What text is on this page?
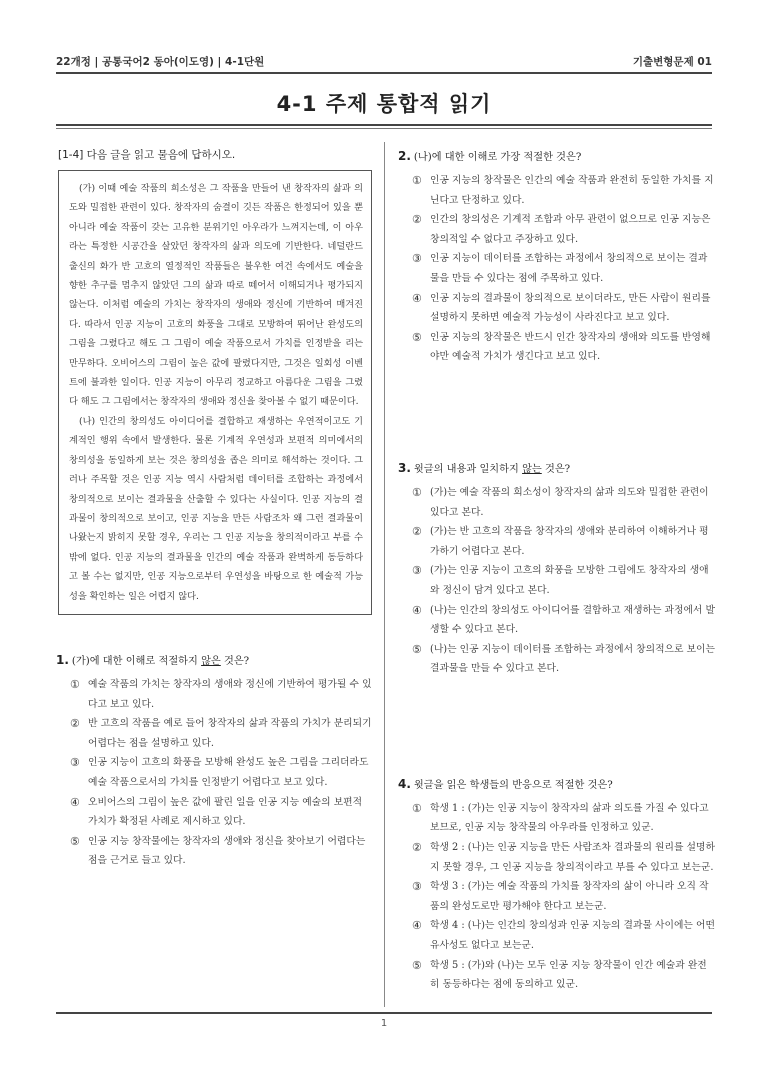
22개정 | 공통국어2 동아(이도영) | 4-1단원	기출변형문제 01
4-1 주제 통합적 읽기
[1-4] 다음 글을 읽고 물음에 답하시오.

(가) 이때 예술 작품의 희소성은 그 작품을 만들어 낸 창작자의 삶과 의도와 밀접한 관련이 있다. 창작자의 숨결이 깃든 작품은 한정되어 있을 뿐 아니라 예술 작품이 갖는 고유한 분위기인 아우라가 느껴지는데, 이 아우라는 특정한 시공간을 살았던 창작자의 삶과 의도에 기반한다. 네덜란드 출신의 화가 반 고흐의 열정적인 작품들은 불우한 여건 속에서도 예술을 향한 추구를 멈추지 않았던 그의 삶과 따로 떼어서 이해되거나 평가되지 않는다. 이처럼 예술의 가치는 창작자의 생애와 정신에 기반하여 매겨진다. 따라서 인공 지능이 고흐의 화풍을 그대로 모방하여 뛰어난 완성도의 그림을 그렸다고 해도 그 그림이 예술 작품으로서 가치를 인정받을 리는 만무하다. 오비어스의 그림이 높은 값에 팔렸다지만, 그것은 일회성 이벤트에 불과한 일이다. 인공 지능이 아무리 정교하고 아름다운 그림을 그렸다 해도 그 그림에서는 창작자의 생애와 정신을 찾아볼 수 없기 때문이다.

(나) 인간의 창의성도 아이디어를 결합하고 재생하는 우연적이고도 기계적인 행위 속에서 발생한다. 물론 기계적 우연성과 보편적 의미에서의 창의성을 동일하게 보는 것은 창의성을 좁은 의미로 해석하는 것이다. 그러나 주목할 것은 인공 지능 역시 사람처럼 데이터를 조합하는 과정에서 창의적으로 보이는 결과물을 산출할 수 있다는 사실이다. 인공 지능의 결과물이 창의적으로 보이고, 인공 지능을 만든 사람조차 왜 그런 결과물이 나왔는지 밝히지 못할 경우, 우리는 그 인공 지능을 창의적이라고 부를 수밖에 없다. 인공 지능의 결과물을 인간의 예술 작품과 완벽하게 동등하다고 볼 수는 없지만, 인공 지능으로부터 우연성을 바탕으로 한 예술적 가능성을 확인하는 일은 어렵지 않다.

1. (가)에 대한 이해로 적절하지 않은 것은?
① 예술 작품의 가치는 창작자의 생애와 정신에 기반하여 평가될 수 있다고 보고 있다.
② 반 고흐의 작품을 예로 들어 창작자의 삶과 작품의 가치가 분리되기 어렵다는 점을 설명하고 있다.
③ 인공 지능이 고흐의 화풍을 모방해 완성도 높은 그림을 그리더라도 예술 작품으로서의 가치를 인정받기 어렵다고 보고 있다.
④ 오비어스의 그림이 높은 값에 팔린 일을 인공 지능 예술의 보편적 가치가 확정된 사례로 제시하고 있다.
⑤ 인공 지능 창작물에는 창작자의 생애와 정신을 찾아보기 어렵다는 점을 근거로 들고 있다.
2. (나)에 대한 이해로 가장 적절한 것은?
① 인공 지능의 창작물은 인간의 예술 작품과 완전히 동일한 가치를 지닌다고 단정하고 있다.
② 인간의 창의성은 기계적 조합과 아무 관련이 없으므로 인공 지능은 창의적일 수 없다고 주장하고 있다.
③ 인공 지능이 데이터를 조합하는 과정에서 창의적으로 보이는 결과물을 만들 수 있다는 점에 주목하고 있다.
④ 인공 지능의 결과물이 창의적으로 보이더라도, 만든 사람이 원리를 설명하지 못하면 예술적 가능성이 사라진다고 보고 있다.
⑤ 인공 지능의 창작물은 반드시 인간 창작자의 생애와 의도를 반영해야만 예술적 가치가 생긴다고 보고 있다.
3. 윗글의 내용과 일치하지 않는 것은?
① (가)는 예술 작품의 희소성이 창작자의 삶과 의도와 밀접한 관련이 있다고 본다.
② (가)는 반 고흐의 작품을 창작자의 생애와 분리하여 이해하거나 평가하기 어렵다고 본다.
③ (가)는 인공 지능이 고흐의 화풍을 모방한 그림에도 창작자의 생애와 정신이 담겨 있다고 본다.
④ (나)는 인간의 창의성도 아이디어를 결합하고 재생하는 과정에서 발생할 수 있다고 본다.
⑤ (나)는 인공 지능이 데이터를 조합하는 과정에서 창의적으로 보이는 결과물을 만들 수 있다고 본다.
4. 윗글을 읽은 학생들의 반응으로 적절한 것은?
① 학생 1 : (가)는 인공 지능이 창작자의 삶과 의도를 가질 수 있다고 보므로, 인공 지능 창작물의 아우라를 인정하고 있군.
② 학생 2 : (나)는 인공 지능을 만든 사람조차 결과물의 원리를 설명하지 못할 경우, 그 인공 지능을 창의적이라고 부를 수 있다고 보는군.
③ 학생 3 : (가)는 예술 작품의 가치를 창작자의 삶이 아니라 오직 작품의 완성도로만 평가해야 한다고 보는군.
④ 학생 4 : (나)는 인간의 창의성과 인공 지능의 결과물 사이에는 어떤 유사성도 없다고 보는군.
⑤ 학생 5 : (가)와 (나)는 모두 인공 지능 창작물이 인간 예술과 완전히 동등하다는 점에 동의하고 있군.
1
